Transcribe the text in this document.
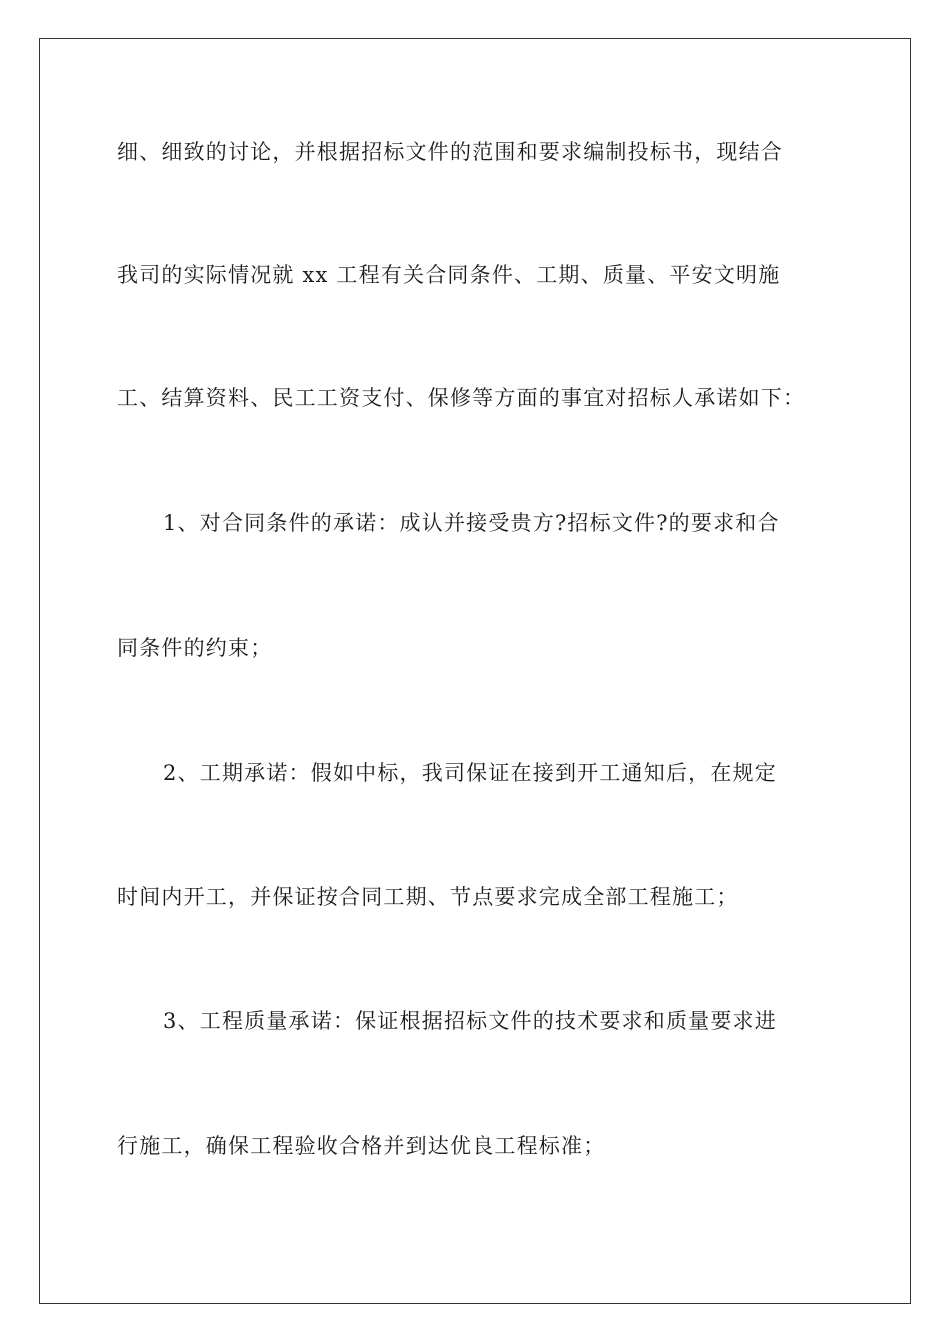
细、细致的讨论，并根据招标文件的范围和要求编制投标书，现结合
我司的实际情况就 xx 工程有关合同条件、工期、质量、平安文明施
工、结算资料、民工工资支付、保修等方面的事宜对招标人承诺如下：
1、对合同条件的承诺：成认并接受贵方?招标文件?的要求和合
同条件的约束；
2、工期承诺：假如中标，我司保证在接到开工通知后，在规定
时间内开工，并保证按合同工期、节点要求完成全部工程施工；
3、工程质量承诺：保证根据招标文件的技术要求和质量要求进
行施工，确保工程验收合格并到达优良工程标准；
